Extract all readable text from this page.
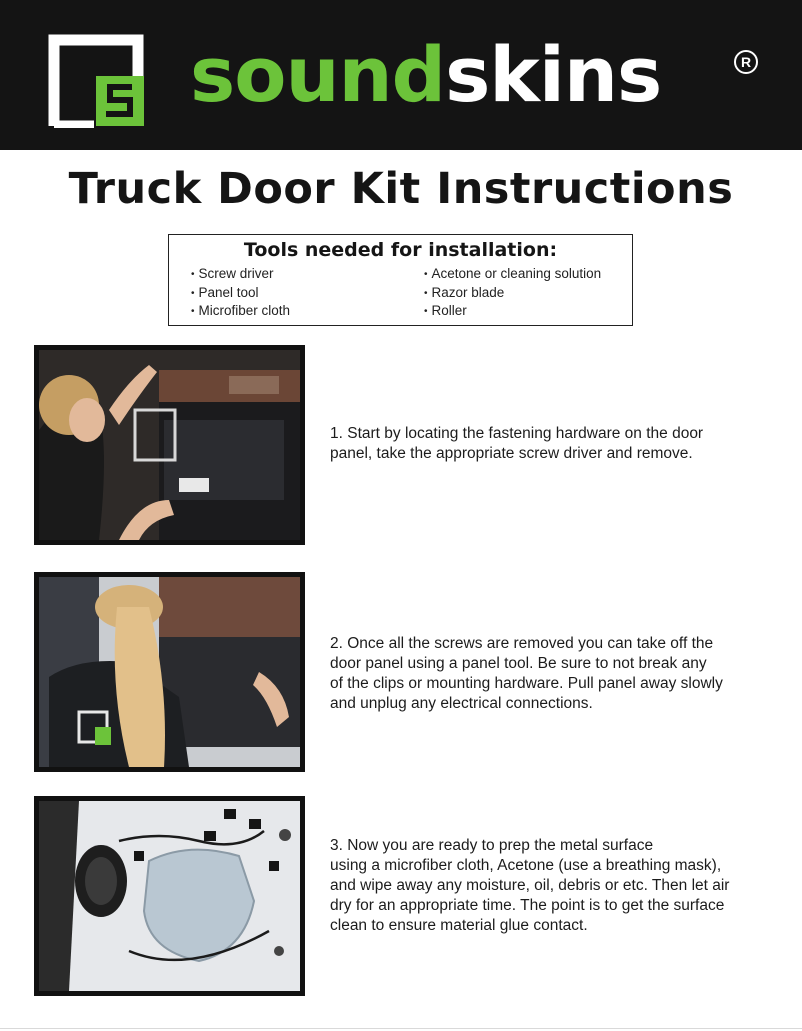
soundskins	R
Truck Door Kit Instructions
Tools needed for installation:
• Screw driver
• Panel tool
• Microfiber cloth
• Acetone or cleaning solution
• Razor blade
• Roller

1. Start by locating the fastening hardware on the door
panel, take the appropriate screw driver and remove.

2. Once all the screws are removed you can take off the
door panel using a panel tool. Be sure to not break any
of the clips or mounting hardware. Pull panel away slowly
and unplug any electrical connections.

3. Now you are ready to prep the metal surface
using a microfiber cloth, Acetone (use a breathing mask),
and wipe away any moisture, oil, debris or etc. Then let air
dry for an appropriate time. The point is to get the surface
clean to ensure material glue contact.
